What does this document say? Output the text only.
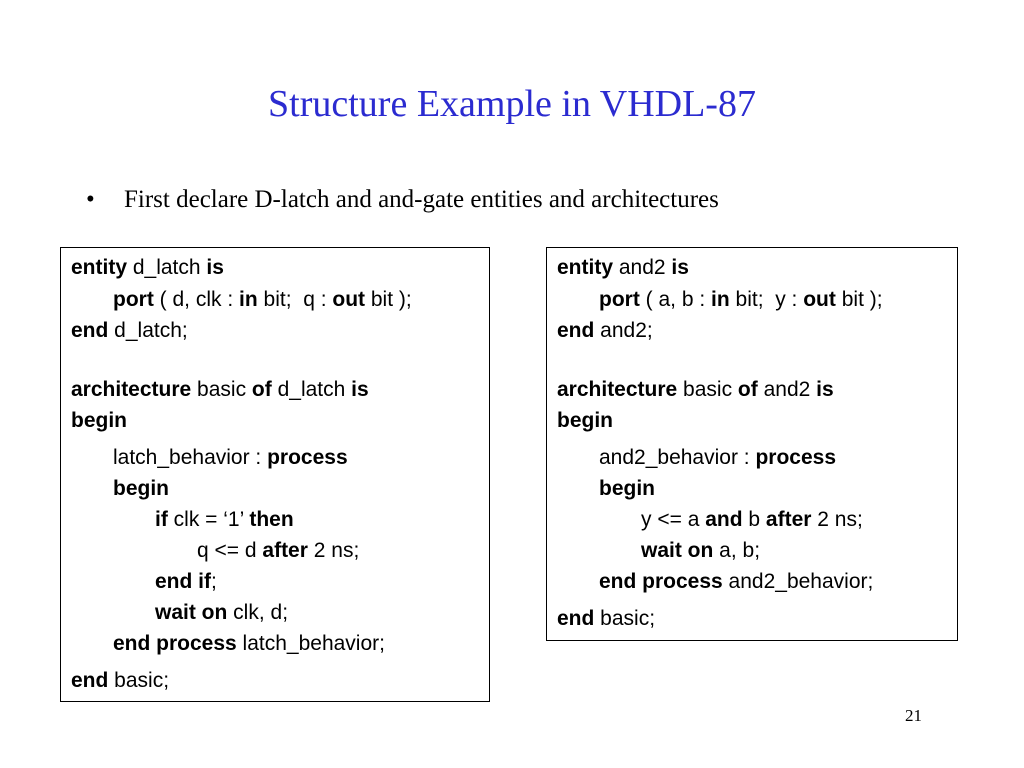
Structure Example in VHDL-87
• First declare D-latch and and-gate entities and architectures
entity d_latch is
port ( d, clk : in bit;  q : out bit );
end d_latch;
architecture basic of d_latch is
begin
latch_behavior : process
begin
if clk = ‘1’ then
q <= d after 2 ns;
end if;
wait on clk, d;
end process latch_behavior;
end basic;
entity and2 is
port ( a, b : in bit;  y : out bit );
end and2;
architecture basic of and2 is
begin
and2_behavior : process
begin
y <= a and b after 2 ns;
wait on a, b;
end process and2_behavior;
end basic;
21
